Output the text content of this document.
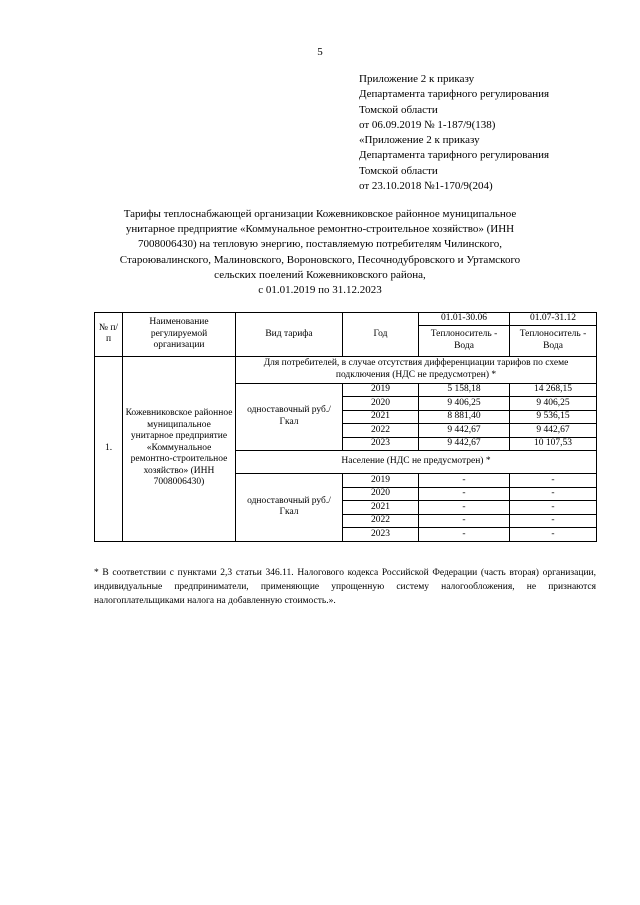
5
Приложение 2 к приказу
Департамента тарифного регулирования
Томской области
от 06.09.2019 № 1-187/9(138)
«Приложение 2 к приказу
Департамента тарифного регулирования
Томской области
от 23.10.2018 №1-170/9(204)
Тарифы теплоснабжающей организации Кожевниковское районное муниципальное
унитарное предприятие «Коммунальное ремонтно-строительное хозяйство» (ИНН
7008006430) на тепловую энергию, поставляемую потребителям Чилинского,
Староювалинского, Малиновского, Вороновского, Песочнодубровского и Уртамского
сельских поелений Кожевниковского района,
с 01.01.2019 по 31.12.2023
№ п/п	Наименование регулируемой организации	Вид тарифа	Год	01.01-30.06	01.07-31.12
				Теплоноситель - Вода	Теплоноситель - Вода
1.	Кожевниковское районное муниципальное унитарное предприятие «Коммунальное ремонтно-строительное хозяйство» (ИНН 7008006430)	Для потребителей, в случае отсутствия дифференциации тарифов по схеме подключения (НДС не предусмотрен) *			
		одноставочный руб./Гкал	2019	5 158,18	14 268,15
			2020	9 406,25	9 406,25
			2021	8 881,40	9 536,15
			2022	9 442,67	9 442,67
			2023	9 442,67	10 107,53
		Население (НДС не предусмотрен) *			
		одноставочный руб./Гкал	2019	-	-
			2020	-	-
			2021	-	-
			2022	-	-
			2023	-	-
* В соответствии с пунктами 2,3 статьи 346.11. Налогового кодекса Российской Федерации (часть вторая) организации, индивидуальные предприниматели, применяющие упрощенную систему налогообложения, не признаются налогоплательщиками налога на добавленную стоимость.».
